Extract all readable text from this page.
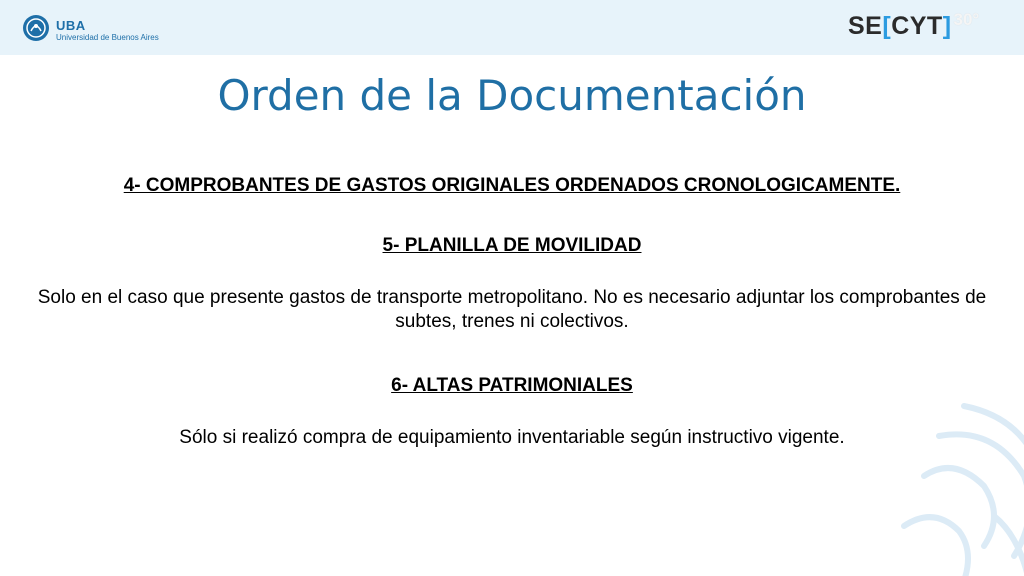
UBA
Universidad de Buenos Aires	SE [ CYT ] 30°
Orden de la Documentación
4- COMPROBANTES DE GASTOS ORIGINALES ORDENADOS CRONOLOGICAMENTE.
5- PLANILLA DE MOVILIDAD
Solo en el caso que presente gastos de transporte metropolitano. No es necesario adjuntar los comprobantes de subtes, trenes ni colectivos.
6- ALTAS PATRIMONIALES
Sólo si realizó compra de equipamiento inventariable según instructivo vigente.
